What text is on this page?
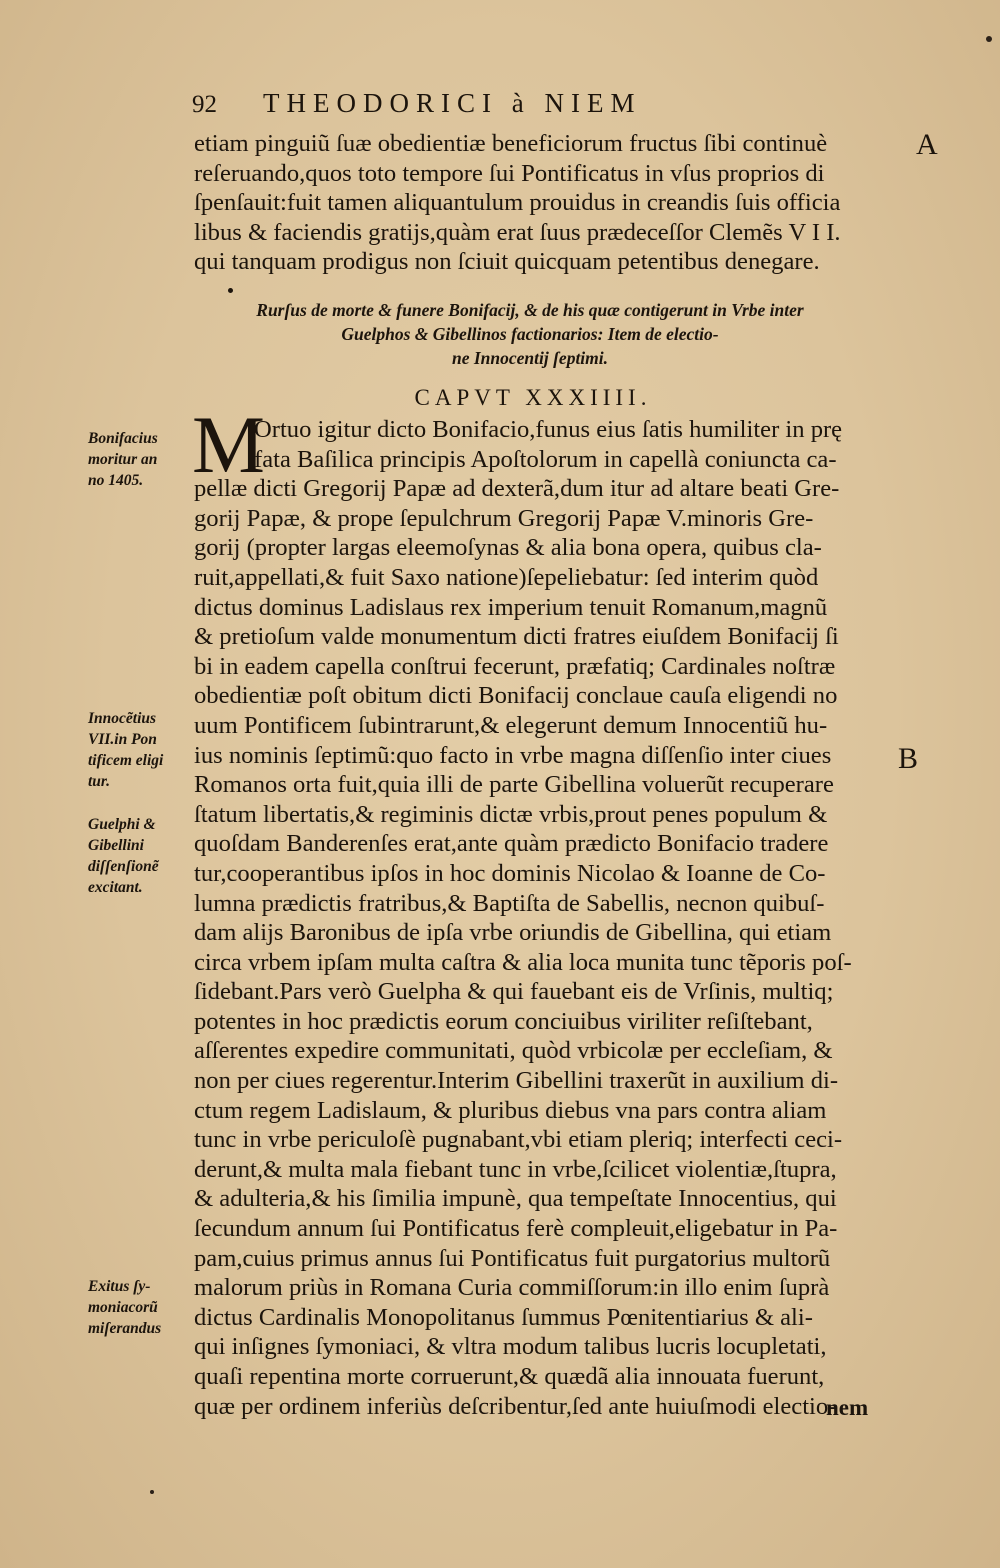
92 THEODORICI à NIEM
A
B
etiam pinguiũ ſuæ obedientiæ beneficiorum fructus ſibi continuè
reſeruando,quos toto tempore ſui Pontificatus in vſus proprios di
ſpenſauit:fuit tamen aliquantulum prouidus in creandis ſuis officia
libus & faciendis gratijs,quàm erat ſuus prædeceſſor Clemẽs V I I.
qui tanquam prodigus non ſciuit quicquam petentibus denegare.
Rurſus de morte & funere Bonifacij, & de his quæ contigerunt in Vrbe inter
Guelphos & Gibellinos factionarios: Item de electio-
ne Innocentij ſeptimi.
CAPVT XXXIIII.
M
Ortuo igitur dicto Bonifacio,funus eius ſatis humiliter in prę
fata Baſilica principis Apoſtolorum in capellà coniuncta ca-
pellæ dicti Gregorij Papæ ad dexterã,dum itur ad altare beati Gre-
gorij Papæ, & prope ſepulchrum Gregorij Papæ V.minoris Gre-
gorij (propter largas eleemoſynas & alia bona opera, quibus cla-
ruit,appellati,& fuit Saxo natione)ſepeliebatur: ſed interim quòd
dictus dominus Ladislaus rex imperium tenuit Romanum,magnũ
& pretioſum valde monumentum dicti fratres eiuſdem Bonifacij ſi
bi in eadem capella conſtrui fecerunt, præfatiq; Cardinales noſtræ
obedientiæ poſt obitum dicti Bonifacij conclaue cauſa eligendi no
uum Pontificem ſubintrarunt,& elegerunt demum Innocentiũ hu-
ius nominis ſeptimũ:quo facto in vrbe magna diſſenſio inter ciues
Romanos orta fuit,quia illi de parte Gibellina voluerũt recuperare
ſtatum libertatis,& regiminis dictæ vrbis,prout penes populum &
quoſdam Banderenſes erat,ante quàm prædicto Bonifacio tradere
tur,cooperantibus ipſos in hoc dominis Nicolao & Ioanne de Co-
lumna prædictis fratribus,& Baptiſta de Sabellis, necnon quibuſ-
dam alijs Baronibus de ipſa vrbe oriundis de Gibellina, qui etiam
circa vrbem ipſam multa caſtra & alia loca munita tunc tẽporis poſ-
ſidebant.Pars verò Guelpha & qui fauebant eis de Vrſinis, multiq;
potentes in hoc prædictis eorum conciuibus viriliter reſiſtebant,
aſſerentes expedire communitati, quòd vrbicolæ per eccleſiam, &
non per ciues regerentur.Interim Gibellini traxerũt in auxilium di-
ctum regem Ladislaum, & pluribus diebus vna pars contra aliam
tunc in vrbe periculoſè pugnabant,vbi etiam pleriq; interfecti ceci-
derunt,& multa mala fiebant tunc in vrbe,ſcilicet violentiæ,ſtupra,
& adulteria,& his ſimilia impunè, qua tempeſtate Innocentius, qui
ſecundum annum ſui Pontificatus ferè compleuit,eligebatur in Pa-
pam,cuius primus annus ſui Pontificatus fuit purgatorius multorũ
malorum priùs in Romana Curia commiſſorum:in illo enim ſuprà
dictus Cardinalis Monopolitanus ſummus Pœnitentiarius & ali-
qui inſignes ſymoniaci, & vltra modum talibus lucris locupletati,
quaſi repentina morte corruerunt,& quædã alia innouata fuerunt,
quæ per ordinem inferiùs deſcribentur,ſed ante huiuſmodi electio-
nem
Bonifacius
moritur an
no 1405.
Innocẽtius
VII.in Pon
tificem eligi
tur.
Guelphi &
Gibellini
diſſenſionẽ
excitant.
Exitus ſy-
moniacorũ
miſerandus
